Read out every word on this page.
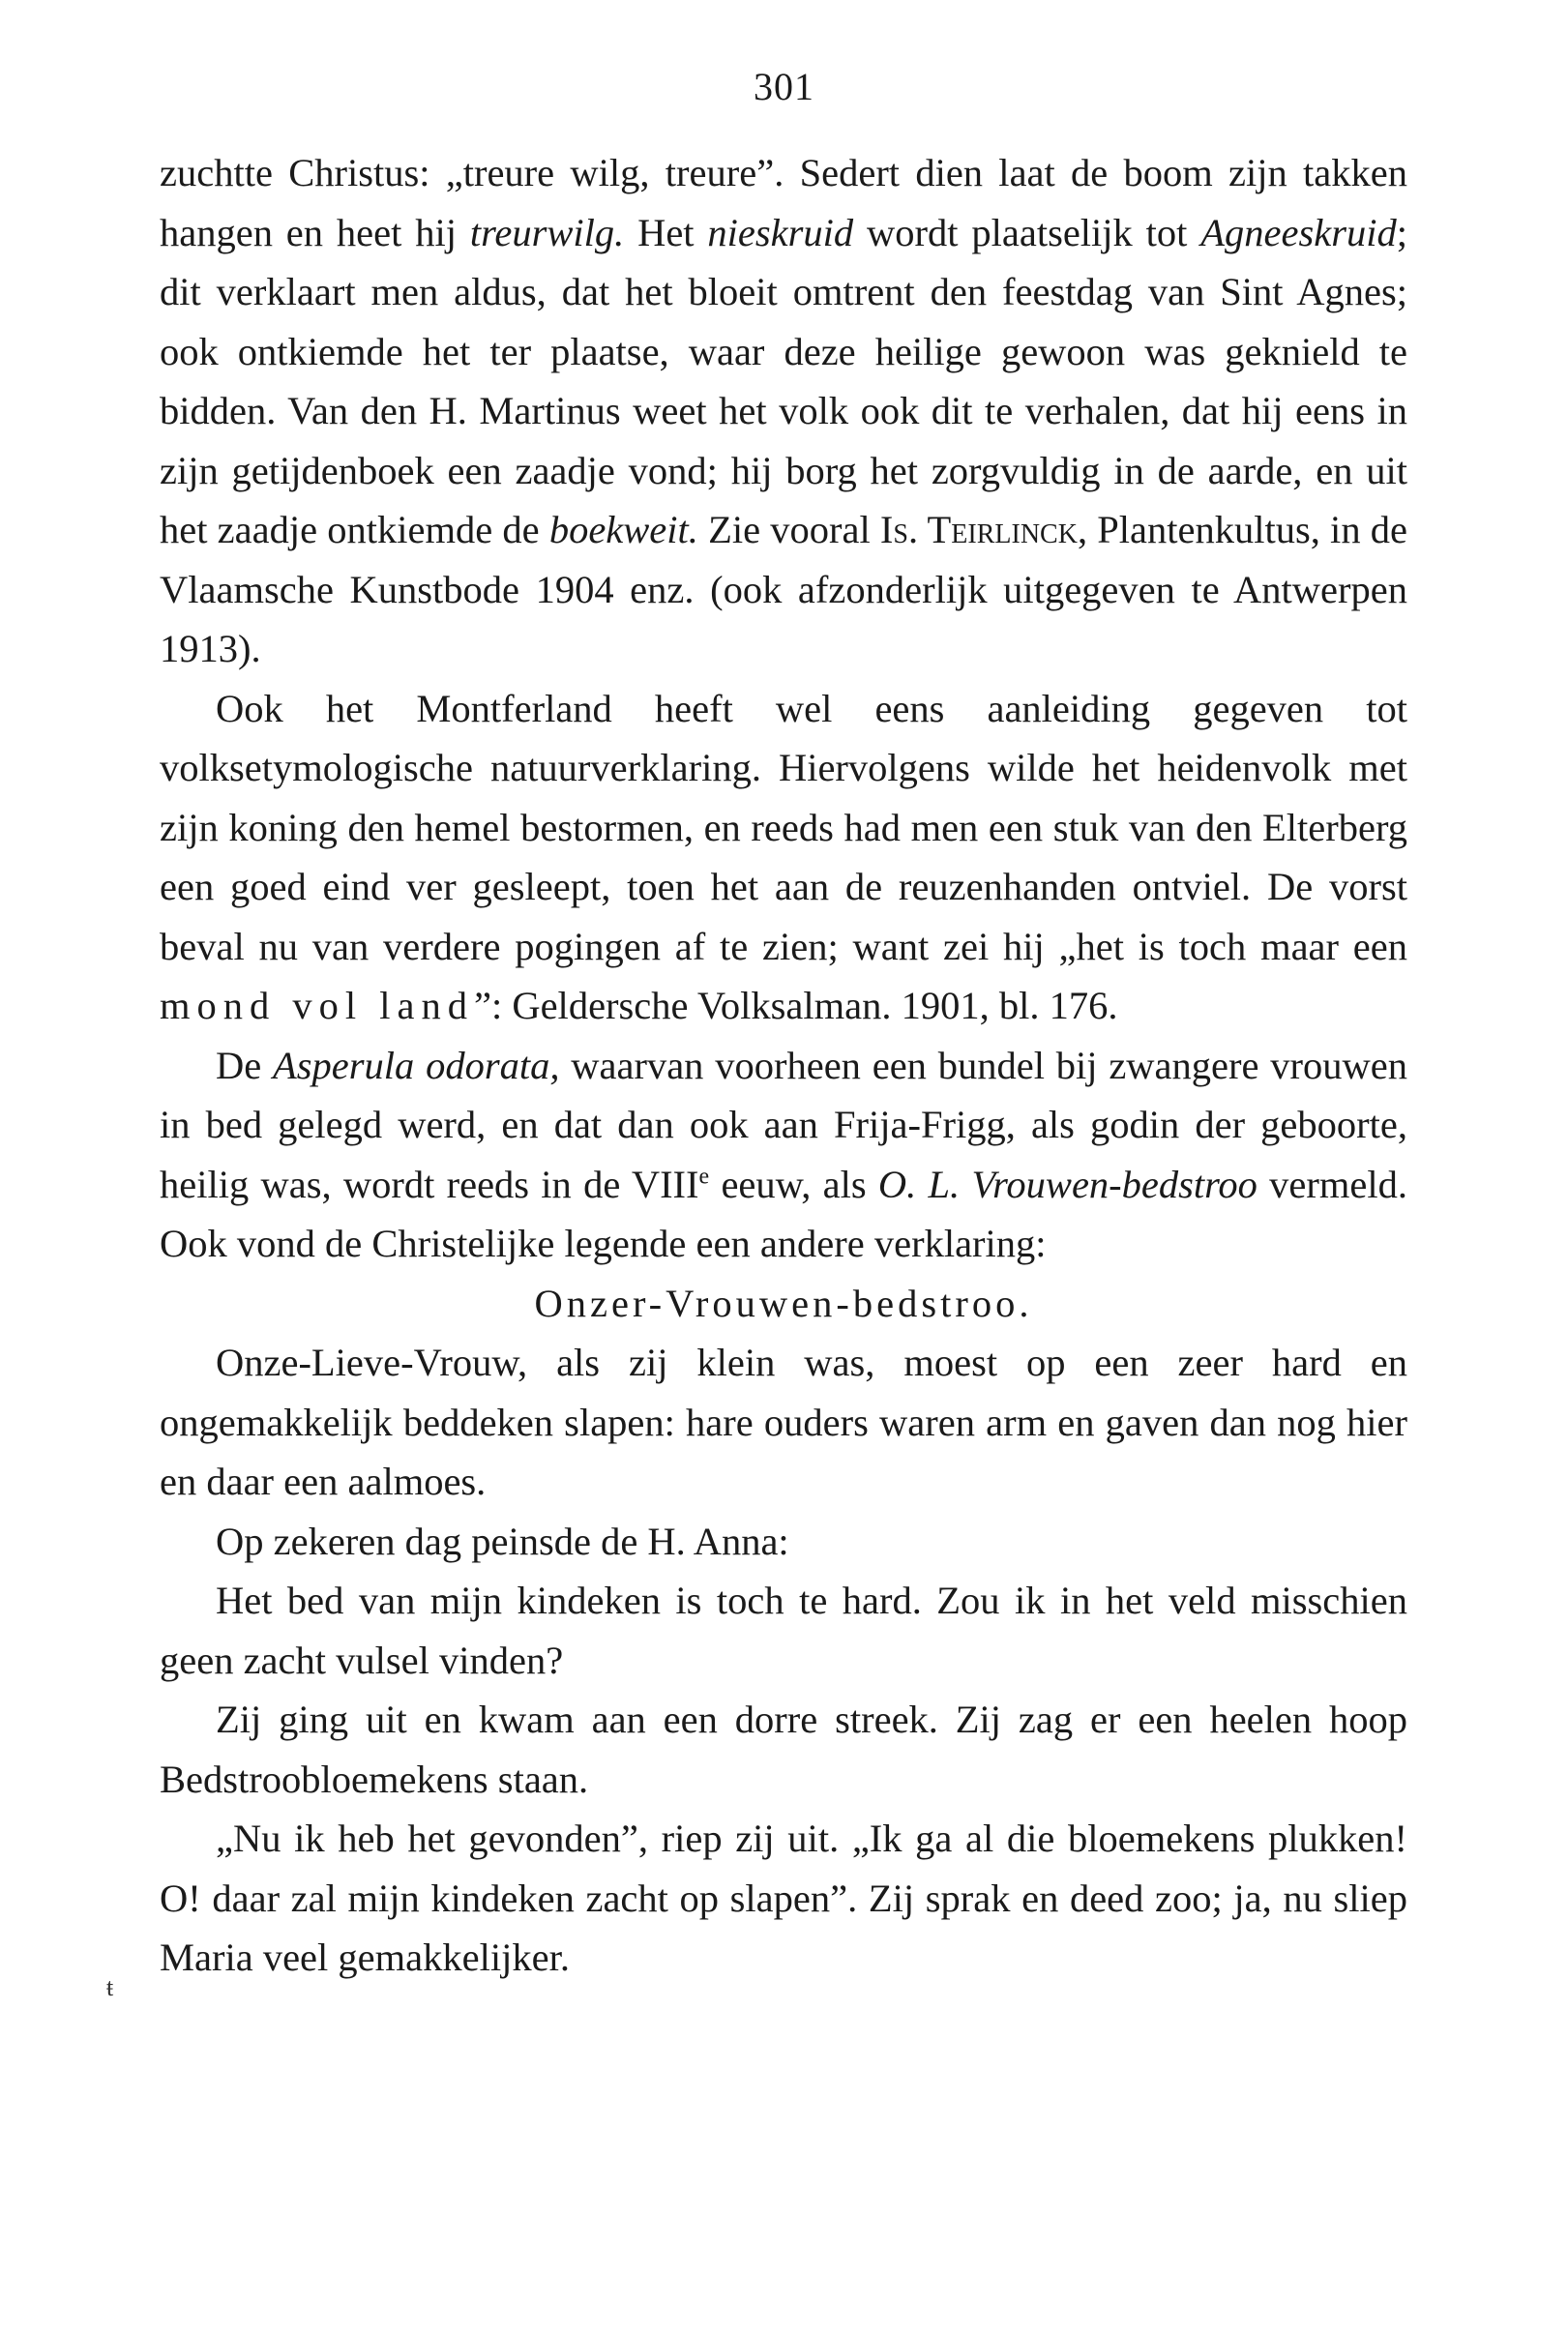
301
ŧ

zuchtte Christus: „treure wilg, treure”. Sedert dien laat de boom zijn takken hangen en heet hij treurwilg. Het nieskruid wordt plaatselijk tot Agneeskruid; dit verklaart men aldus, dat het bloeit omtrent den feestdag van Sint Agnes; ook ontkiemde het ter plaatse, waar deze heilige gewoon was geknield te bidden. Van den H. Martinus weet het volk ook dit te verhalen, dat hij eens in zijn getijdenboek een zaadje vond; hij borg het zorgvuldig in de aarde, en uit het zaadje ontkiemde de boekweit. Zie vooral Is. Teirlinck, Plantenkultus, in de Vlaamsche Kunstbode 1904 enz. (ook afzonderlijk uitgegeven te Antwerpen 1913).

Ook het Montferland heeft wel eens aanleiding gegeven tot volksetymologische natuurverklaring. Hiervolgens wilde het heidenvolk met zijn koning den hemel bestormen, en reeds had men een stuk van den Elterberg een goed eind ver gesleept, toen het aan de reuzenhanden ontviel. De vorst beval nu van verdere pogingen af te zien; want zei hij „het is toch maar een mond vol land”: Geldersche Volksalman. 1901, bl. 176.

De Asperula odorata, waarvan voorheen een bundel bij zwangere vrouwen in bed gelegd werd, en dat dan ook aan Frija-Frigg, als godin der geboorte, heilig was, wordt reeds in de VIIIe eeuw, als O. L. Vrouwen-bedstroo vermeld. Ook vond de Christelijke legende een andere verklaring:

Onzer-Vrouwen-bedstroo.

Onze-Lieve-Vrouw, als zij klein was, moest op een zeer hard en ongemakkelijk beddeken slapen: hare ouders waren arm en gaven dan nog hier en daar een aalmoes.

Op zekeren dag peinsde de H. Anna:

Het bed van mijn kindeken is toch te hard. Zou ik in het veld misschien geen zacht vulsel vinden?

Zij ging uit en kwam aan een dorre streek. Zij zag er een heelen hoop Bedstroobloemekens staan.

„Nu ik heb het gevonden”, riep zij uit. „Ik ga al die bloemekens plukken! O! daar zal mijn kindeken zacht op slapen”. Zij sprak en deed zoo; ja, nu sliep Maria veel gemakkelijker.
